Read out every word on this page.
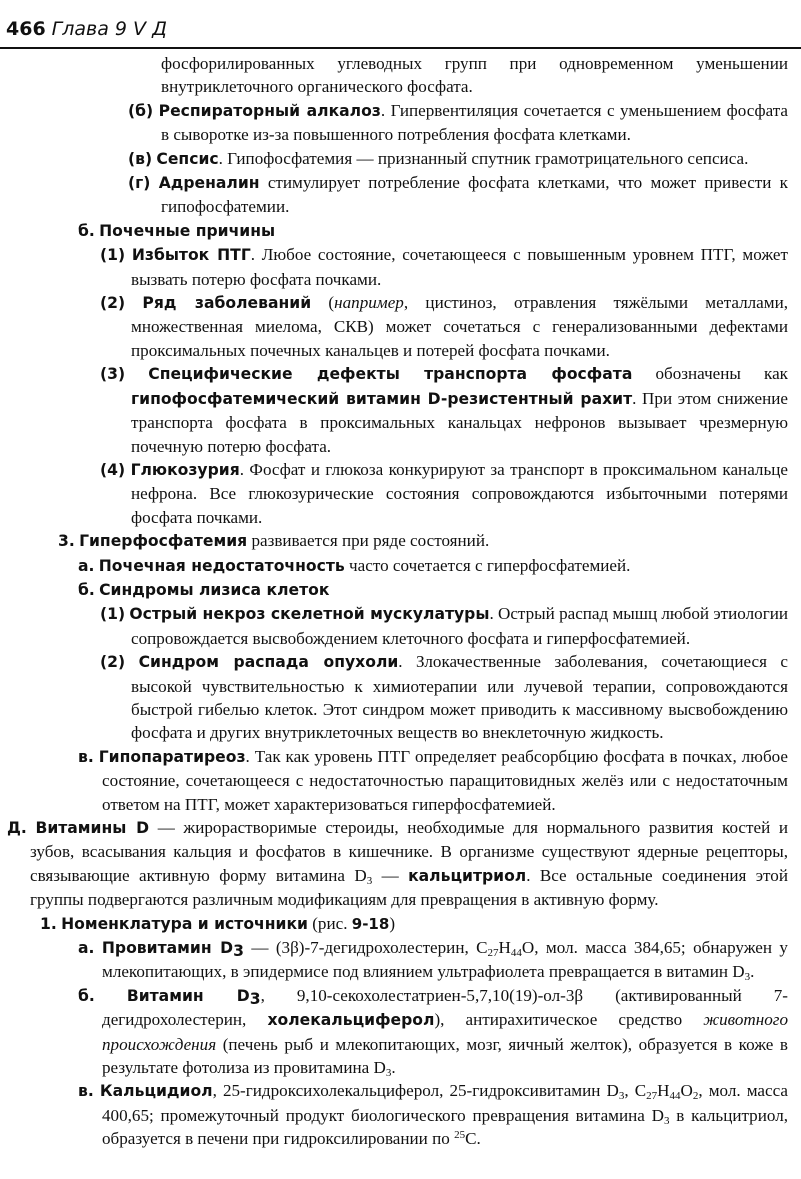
466 Глава 9 V Д

фосфорилированных углеводных групп при одновременном уменьшении внутриклеточного органического фосфата.

(б) Респираторный алкалоз. Гипервентиляция сочетается с уменьшением фосфата в сыворотке из-за повышенного потребления фосфата клетками.

(в) Сепсис. Гипофосфатемия — признанный спутник грамотрицательного сепсиса.

(г) Адреналин стимулирует потребление фосфата клетками, что может привести к гипофосфатемии.

б. Почечные причины

(1) Избыток ПТГ. Любое состояние, сочетающееся с повышенным уровнем ПТГ, может вызвать потерю фосфата почками.

(2) Ряд заболеваний (например, цистиноз, отравления тяжёлыми металлами, множественная миелома, СКВ) может сочетаться с генерализованными дефектами проксимальных почечных канальцев и потерей фосфата почками.

(3) Специфические дефекты транспорта фосфата обозначены как гипофосфатемический витамин D-резистентный рахит. При этом снижение транспорта фосфата в проксимальных канальцах нефронов вызывает чрезмерную почечную потерю фосфата.

(4) Глюкозурия. Фосфат и глюкоза конкурируют за транспорт в проксимальном канальце нефрона. Все глюкозурические состояния сопровождаются избыточными потерями фосфата почками.

3. Гиперфосфатемия развивается при ряде состояний.

а. Почечная недостаточность часто сочетается с гиперфосфатемией.

б. Синдромы лизиса клеток

(1) Острый некроз скелетной мускулатуры. Острый распад мышц любой этиологии сопровождается высвобождением клеточного фосфата и гиперфосфатемией.

(2) Синдром распада опухоли. Злокачественные заболевания, сочетающиеся с высокой чувствительностью к химиотерапии или лучевой терапии, сопровождаются быстрой гибелью клеток. Этот синдром может приводить к массивному высвобождению фосфата и других внутриклеточных веществ во внеклеточную жидкость.

в. Гипопаратиреоз. Так как уровень ПТГ определяет реабсорбцию фосфата в почках, любое состояние, сочетающееся с недостаточностью паращитовидных желёз или с недостаточным ответом на ПТГ, может характеризоваться гиперфосфатемией.

Д. Витамины D — жирорастворимые стероиды, необходимые для нормального развития костей и зубов, всасывания кальция и фосфатов в кишечнике. В организме существуют ядерные рецепторы, связывающие активную форму витамина $D_3$ — кальцитриол. Все остальные соединения этой группы подвергаются различным модификациям для превращения в активную форму.

1. Номенклатура и источники (рис. 9-18)

а. Провитамин $D_3$ — (3β)-7-дегидрохолестерин, $C_{27}H_{44}O$, мол. масса 384,65; обнаружен у млекопитающих, в эпидермисе под влиянием ультрафиолета превращается в витамин $D_3$.

б. Витамин $D_3$, 9,10-секохолестатриен-5,7,10(19)-ол-3β (активированный 7-дегидрохолестерин, холекальциферол), антирахитическое средство животного происхождения (печень рыб и млекопитающих, мозг, яичный желток), образуется в коже в результате фотолиза из провитамина $D_3$.

в. Кальцидиол, 25-гидроксихолекальциферол, 25-гидроксивитамин $D_3$, $C_{27}H_{44}O_2$, мол. масса 400,65; промежуточный продукт биологического превращения витамина $D_3$ в кальцитриол, образуется в печени при гидроксилировании по $^{25}$C.
